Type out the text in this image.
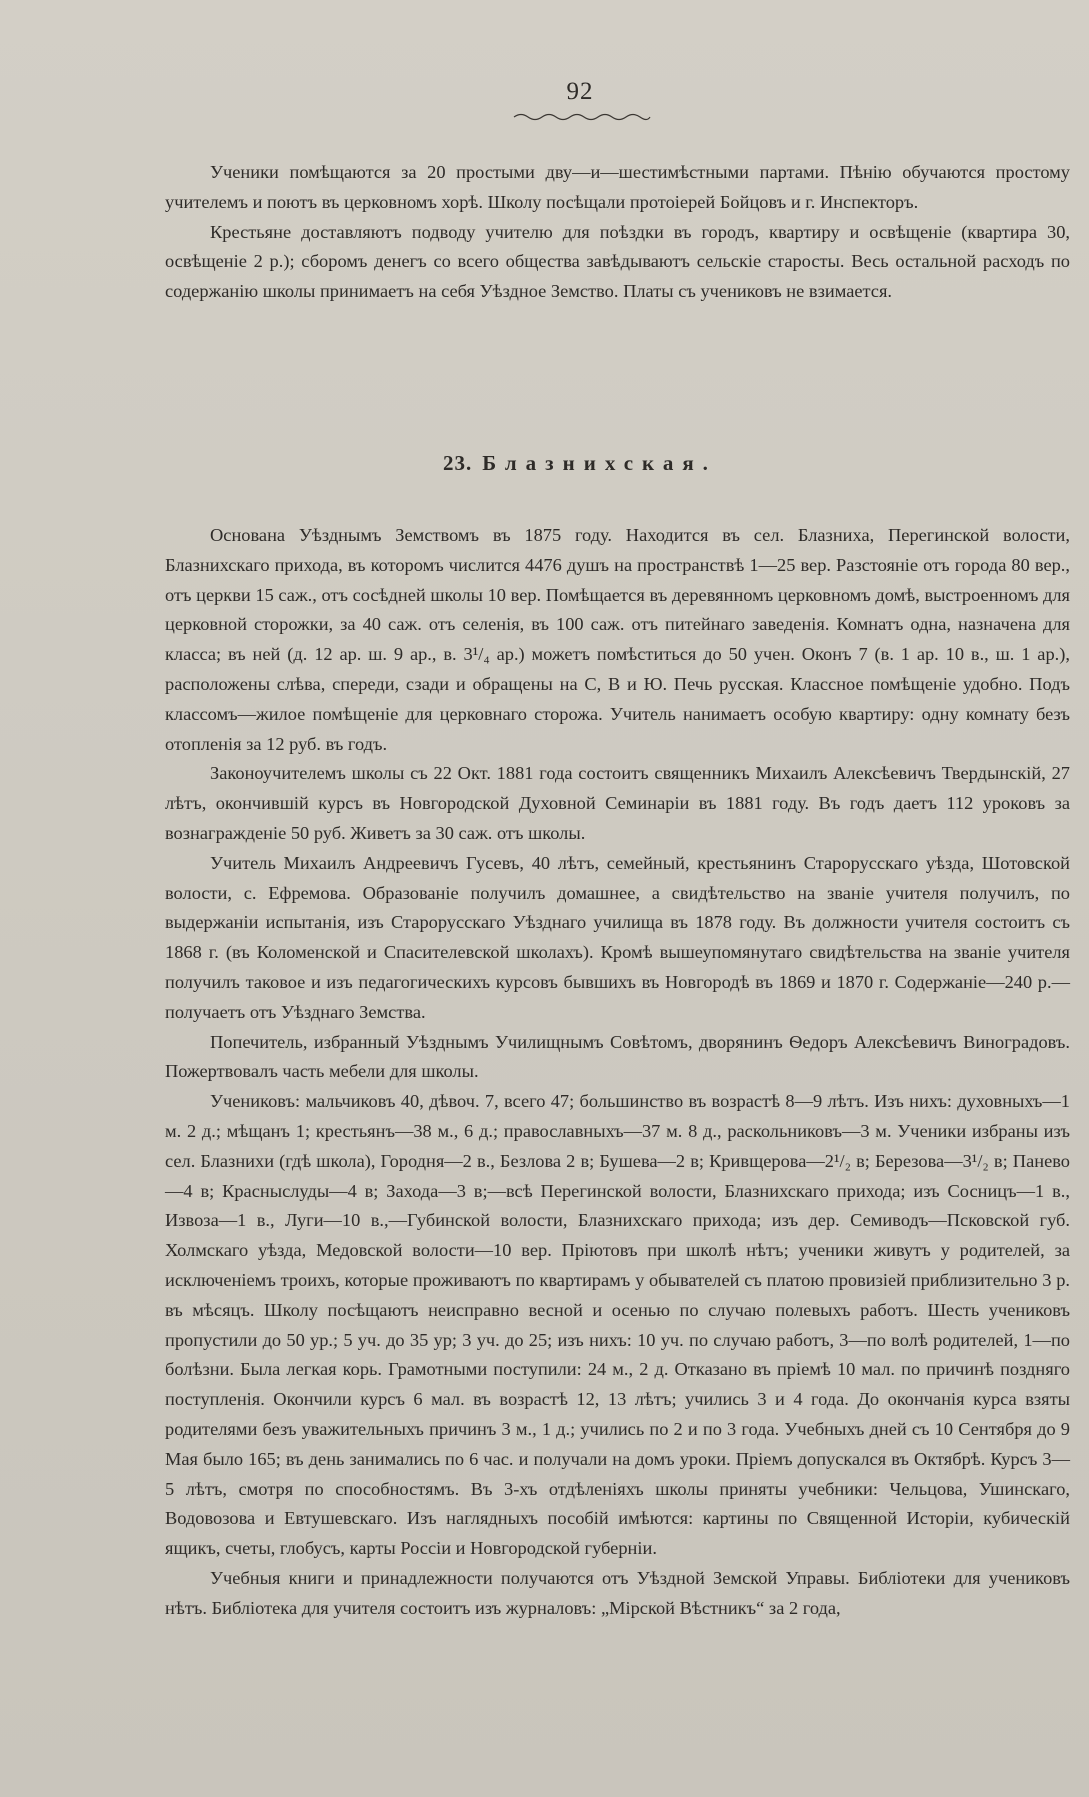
92

Ученики помѣщаются за 20 простыми дву—и—шестимѣстными партами. Пѣнію обучаются простому учителемъ и поютъ въ церковномъ хорѣ. Школу посѣщали протоіерей Бойцовъ и г. Инспекторъ.

Крестьяне доставляютъ подводу учителю для поѣздки въ городъ, квартиру и освѣщеніе (квартира 30, освѣщеніе 2 р.); сборомъ денегъ со всего общества завѣдываютъ сельскіе старосты. Весь остальной расходъ по содержанію школы принимаетъ на себя Уѣздное Земство. Платы съ учениковъ не взимается.

23. Блазнихская.

Основана Уѣзднымъ Земствомъ въ 1875 году. Находится въ сел. Блазниха, Перегинской волости, Блазнихскаго прихода, въ которомъ числится 4476 душъ на пространствѣ 1—25 вер. Разстояніе отъ города 80 вер., отъ церкви 15 саж., отъ сосѣдней школы 10 вер. Помѣщается въ деревянномъ церковномъ домѣ, выстроенномъ для церковной сторожки, за 40 саж. отъ селенія, въ 100 саж. отъ питейнаго заведенія. Комнатъ одна, назначена для класса; въ ней (д. 12 ар. ш. 9 ар., в. 3¹/₄ ар.) можетъ помѣститься до 50 учен. Оконъ 7 (в. 1 ар. 10 в., ш. 1 ар.), расположены слѣва, спереди, сзади и обращены на С, В и Ю. Печь русская. Классное помѣщеніе удобно. Подъ классомъ—жилое помѣщеніе для церковнаго сторожа. Учитель нанимаетъ особую квартиру: одну комнату безъ отопленія за 12 руб. въ годъ.

Законоучителемъ школы съ 22 Окт. 1881 года состоитъ священникъ Михаилъ Алексѣевичъ Твердынскій, 27 лѣтъ, окончившій курсъ въ Новгородской Духовной Семинаріи въ 1881 году. Въ годъ даетъ 112 уроковъ за вознагражденіе 50 руб. Живетъ за 30 саж. отъ школы.

Учитель Михаилъ Андреевичъ Гусевъ, 40 лѣтъ, семейный, крестьянинъ Старорусскаго уѣзда, Шотовской волости, с. Ефремова. Образованіе получилъ домашнее, а свидѣтельство на званіе учителя получилъ, по выдержаніи испытанія, изъ Старорусскаго Уѣзднаго училища въ 1878 году. Въ должности учителя состоитъ съ 1868 г. (въ Коломенской и Спасителевской школахъ). Кромѣ вышеупомянутаго свидѣтельства на званіе учителя получилъ таковое и изъ педагогическихъ курсовъ бывшихъ въ Новгородѣ въ 1869 и 1870 г. Содержаніе—240 р.—получаетъ отъ Уѣзднаго Земства.

Попечитель, избранный Уѣзднымъ Училищнымъ Совѣтомъ, дворянинъ Ѳедоръ Алексѣевичъ Виноградовъ. Пожертвовалъ часть мебели для школы.

Учениковъ: мальчиковъ 40, дѣвоч. 7, всего 47; большинство въ возрастѣ 8—9 лѣтъ. Изъ нихъ: духовныхъ—1 м. 2 д.; мѣщанъ 1; крестьянъ—38 м., 6 д.; православныхъ—37 м. 8 д., раскольниковъ—3 м. Ученики избраны изъ сел. Блазнихи (гдѣ школа), Городня—2 в., Безлова 2 в; Бушева—2 в; Кривщерова—2¹/₂ в; Березова—3¹/₂ в; Панево—4 в; Красныслуды—4 в; Захода—3 в;—всѣ Перегинской волости, Блазнихскаго прихода; изъ Сосницъ—1 в., Извоза—1 в., Луги—10 в.,—Губинской волости, Блазнихскаго прихода; изъ дер. Семиводъ—Псковской губ. Холмскаго уѣзда, Медовской волости—10 вер. Пріютовъ при школѣ нѣтъ; ученики живутъ у родителей, за исключеніемъ троихъ, которые проживаютъ по квартирамъ у обывателей съ платою провизіей приблизительно 3 р. въ мѣсяцъ. Школу посѣщаютъ неисправно весной и осенью по случаю полевыхъ работъ. Шесть учениковъ пропустили до 50 ур.; 5 уч. до 35 ур; 3 уч. до 25; изъ нихъ: 10 уч. по случаю работъ, 3—по волѣ родителей, 1—по болѣзни. Была легкая корь. Грамотными поступили: 24 м., 2 д. Отказано въ пріемѣ 10 мал. по причинѣ поздняго поступленія. Окончили курсъ 6 мал. въ возрастѣ 12, 13 лѣтъ; учились 3 и 4 года. До окончанія курса взяты родителями безъ уважительныхъ причинъ 3 м., 1 д.; учились по 2 и по 3 года. Учебныхъ дней съ 10 Сентября до 9 Мая было 165; въ день занимались по 6 час. и получали на домъ уроки. Пріемъ допускался въ Октябрѣ. Курсъ 3—5 лѣтъ, смотря по способностямъ. Въ 3-хъ отдѣленіяхъ школы приняты учебники: Чельцова, Ушинскаго, Водовозова и Евтушевскаго. Изъ наглядныхъ пособій имѣются: картины по Священной Исторіи, кубическій ящикъ, счеты, глобусъ, карты Россіи и Новгородской губерніи.

Учебныя книги и принадлежности получаются отъ Уѣздной Земской Управы. Библіотеки для учениковъ нѣтъ. Библіотека для учителя состоитъ изъ журналовъ: „Мірской Вѣстникъ“ за 2 года,
